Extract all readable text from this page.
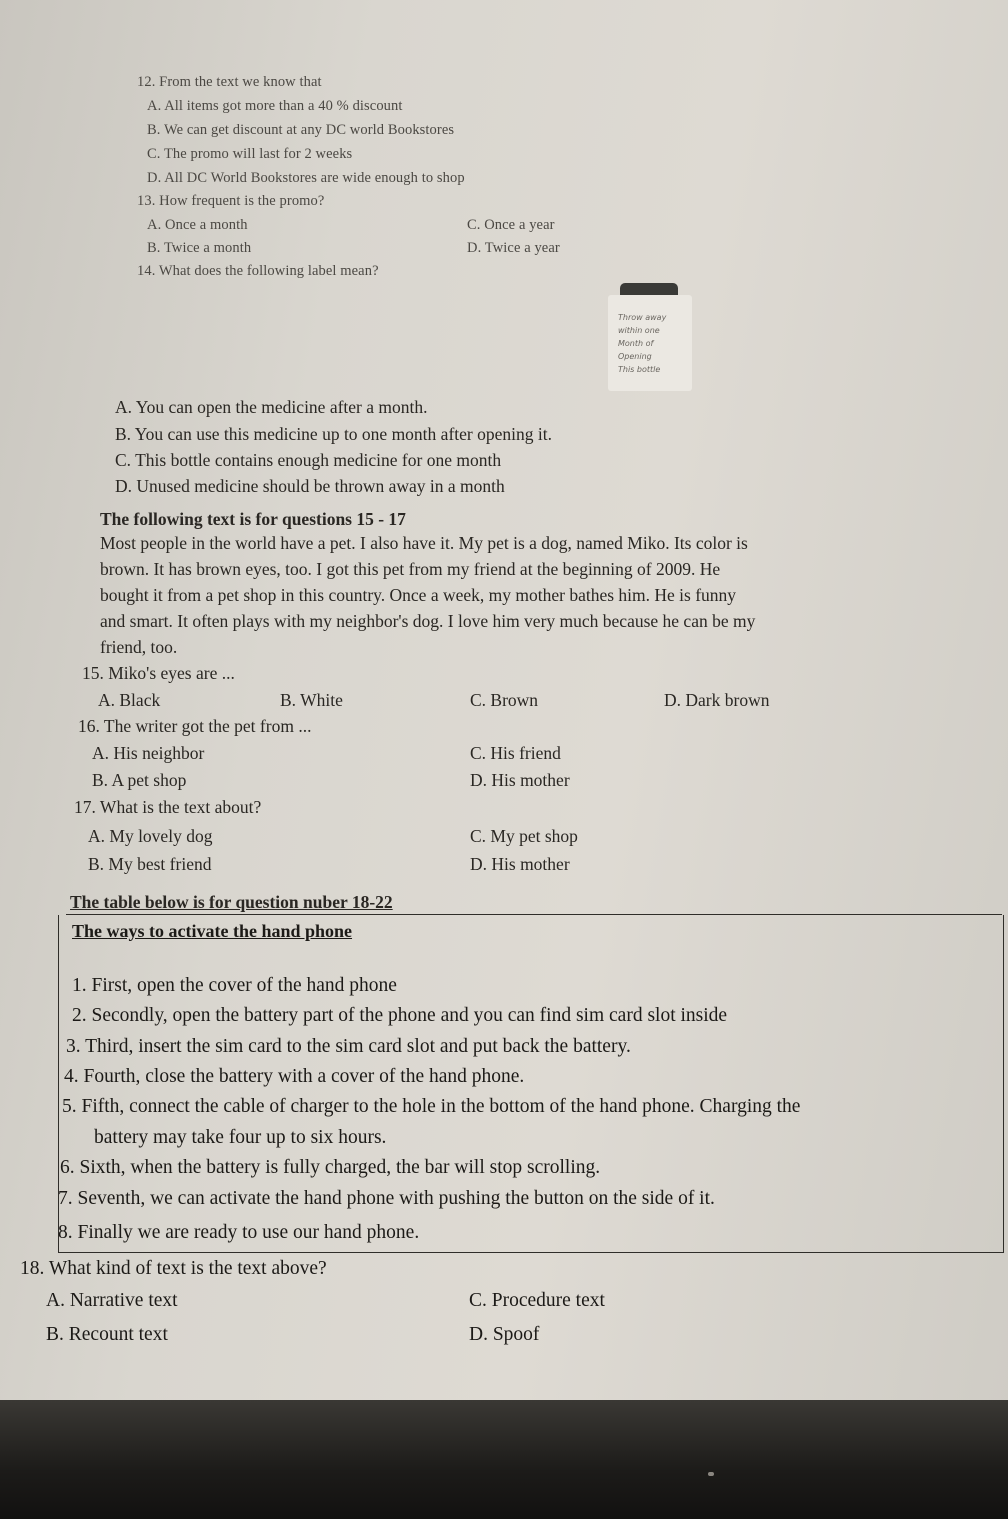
12. From the text we know that
A. All items got more than a 40 % discount
B. We can get discount at any DC world Bookstores
C. The promo will last for 2 weeks
D. All DC World Bookstores are wide enough to shop
13. How frequent is the promo?
A. Once a month
B. Twice a month
C. Once a year
D. Twice a year
14. What does the following label mean?
Throw away
within one
Month of
Opening
This bottle
A. You can open the medicine after a month.
B. You can use this medicine up to one month after opening it.
C. This bottle contains enough medicine for one month
D. Unused medicine should be thrown away in a month
The following text is for questions 15 - 17
Most people in the world have a pet. I also have it. My pet is a dog, named Miko. Its color is
brown. It has brown eyes, too. I got this pet from my friend at the beginning of 2009. He
bought it from a pet shop in this country. Once a week, my mother bathes him. He is funny
and smart. It often plays with my neighbor's dog. I love him very much because he can be my
friend, too.
15. Miko's eyes are ...
A. Black	B. White	C. Brown	D. Dark brown
16. The writer got the pet from ...
A. His neighbor
B. A pet shop
C. His friend
D. His mother
17. What is the text about?
A. My lovely dog
B. My best friend
C. My pet shop
D. His mother
The table below is for question nuber 18-22
The ways to activate the hand phone
1. First, open the cover of the hand phone
2. Secondly, open the battery part of the phone and you can find sim card slot inside
3. Third, insert the sim card to the sim card slot and put back the battery.
4. Fourth, close the battery with a cover of the hand phone.
5. Fifth, connect the cable of charger to the hole in the bottom of the hand phone. Charging the
battery may take four up to six hours.
6. Sixth, when the battery is fully charged, the bar will stop scrolling.
7. Seventh, we can activate the hand phone with pushing the button on the side of it.
8. Finally we are ready to use our hand phone.
18. What kind of text is the text above?
A. Narrative text
B. Recount text
C. Procedure text
D. Spoof
